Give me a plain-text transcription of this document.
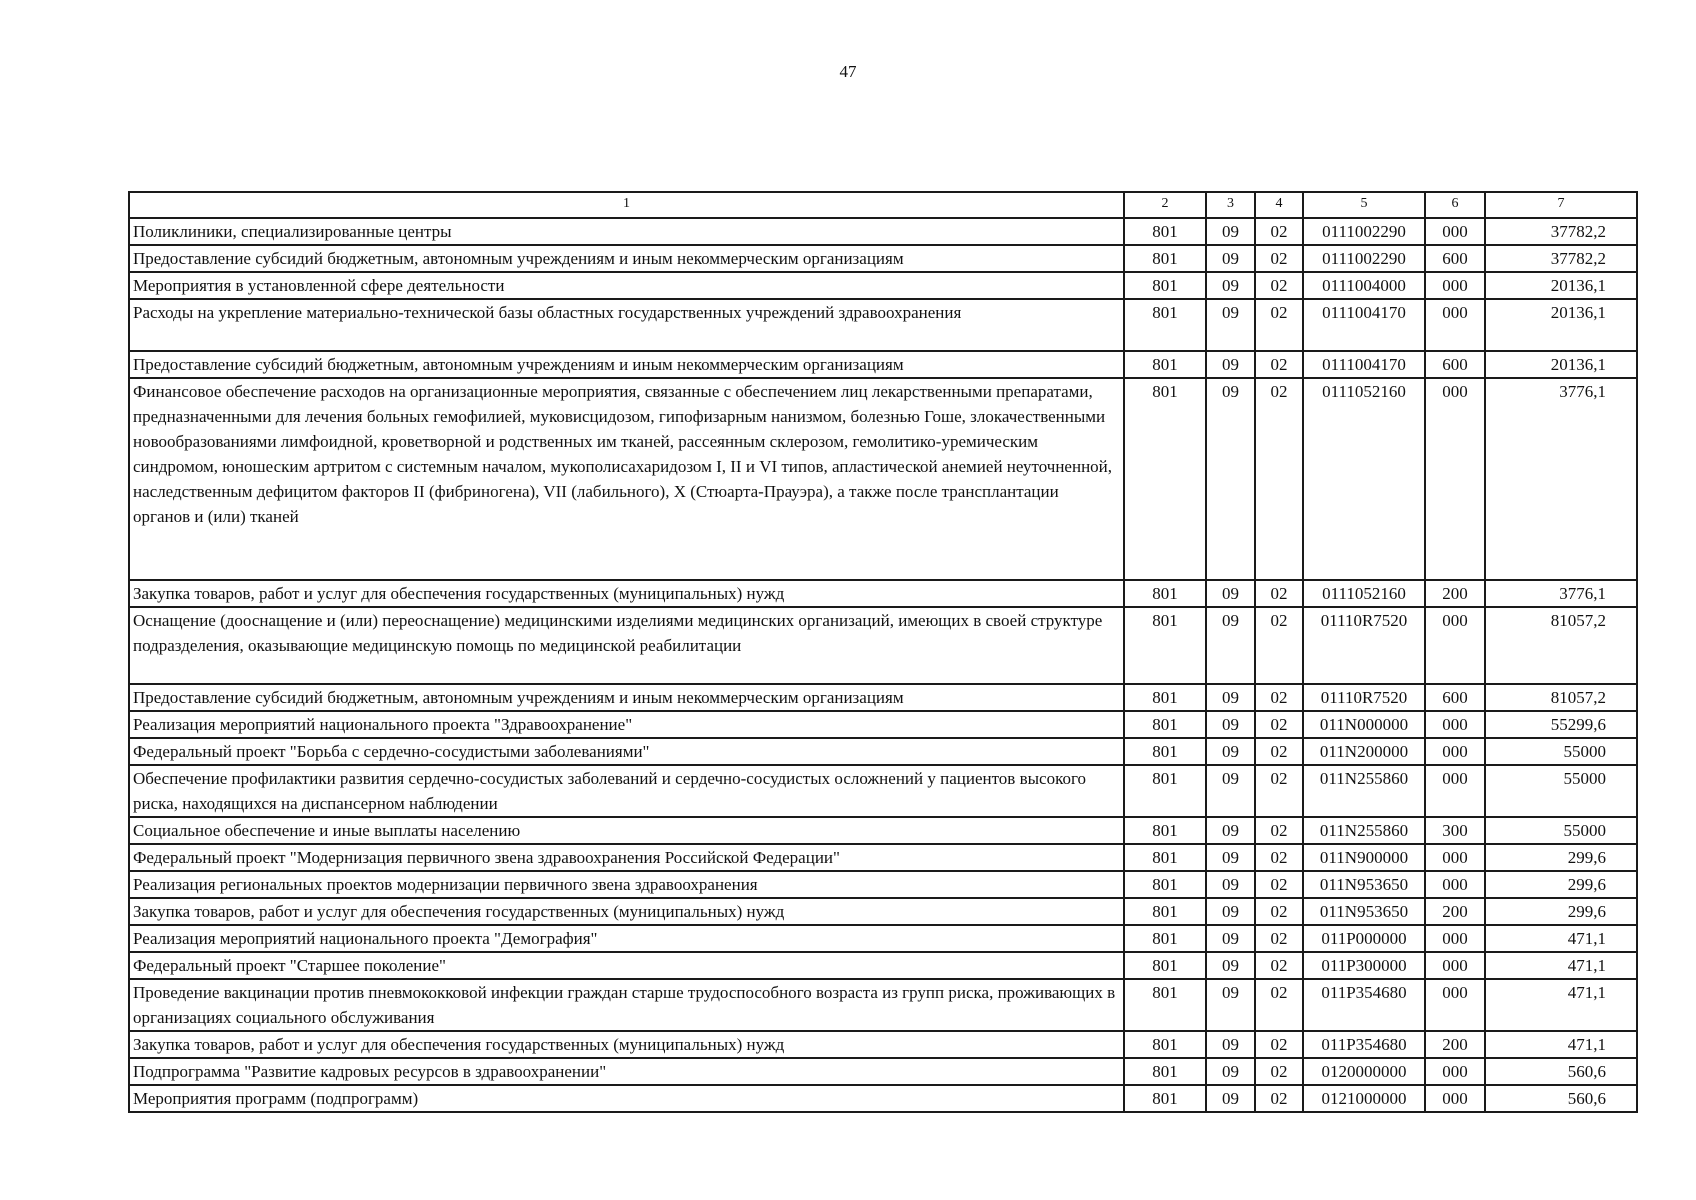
47
1	2	3	4	5	6	7
Поликлиники, специализированные центры	801	09	02	0111002290	000	37782,2
Предоставление субсидий бюджетным, автономным учреждениям и иным некоммерческим организациям	801	09	02	0111002290	600	37782,2
Мероприятия в установленной сфере деятельности	801	09	02	0111004000	000	20136,1
Расходы на укрепление материально-технической базы областных государственных учреждений здравоохранения	801	09	02	0111004170	000	20136,1
Предоставление субсидий бюджетным, автономным учреждениям и иным некоммерческим организациям	801	09	02	0111004170	600	20136,1
Финансовое обеспечение расходов на организационные мероприятия, связанные с обеспечением лиц лекарственными препаратами, предназначенными для лечения больных гемофилией, муковисцидозом, гипофизарным нанизмом, болезнью Гоше, злокачественными новообразованиями лимфоидной, кроветворной и родственных им тканей, рассеянным склерозом, гемолитико-уремическим синдромом, юношеским артритом с системным началом, мукополисахаридозом I, II и VI типов, апластической анемией неуточненной, наследственным дефицитом факторов II (фибриногена), VII (лабильного), X (Стюарта-Прауэра), а также после трансплантации органов и (или) тканей	801	09	02	0111052160	000	3776,1
Закупка товаров, работ и услуг для обеспечения государственных (муниципальных) нужд	801	09	02	0111052160	200	3776,1
Оснащение (дооснащение и (или) переоснащение) медицинскими изделиями медицинских организаций, имеющих в своей структуре подразделения, оказывающие медицинскую помощь по медицинской реабилитации	801	09	02	01110R7520	000	81057,2
Предоставление субсидий бюджетным, автономным учреждениям и иным некоммерческим организациям	801	09	02	01110R7520	600	81057,2
Реализация мероприятий национального проекта "Здравоохранение"	801	09	02	011N000000	000	55299,6
Федеральный проект "Борьба с сердечно-сосудистыми заболеваниями"	801	09	02	011N200000	000	55000
Обеспечение профилактики развития сердечно-сосудистых заболеваний и сердечно-сосудистых осложнений у пациентов высокого риска, находящихся на диспансерном наблюдении	801	09	02	011N255860	000	55000
Социальное обеспечение и иные выплаты населению	801	09	02	011N255860	300	55000
Федеральный проект "Модернизация первичного звена здравоохранения Российской Федерации"	801	09	02	011N900000	000	299,6
Реализация региональных проектов модернизации первичного звена здравоохранения	801	09	02	011N953650	000	299,6
Закупка товаров, работ и услуг для обеспечения государственных (муниципальных) нужд	801	09	02	011N953650	200	299,6
Реализация мероприятий национального проекта "Демография"	801	09	02	011P000000	000	471,1
Федеральный проект "Старшее поколение"	801	09	02	011P300000	000	471,1
Проведение вакцинации против пневмококковой инфекции граждан старше трудоспособного возраста из групп риска, проживающих в организациях социального обслуживания	801	09	02	011P354680	000	471,1
Закупка товаров, работ и услуг для обеспечения государственных (муниципальных) нужд	801	09	02	011P354680	200	471,1
Подпрограмма "Развитие кадровых ресурсов в здравоохранении"	801	09	02	0120000000	000	560,6
Мероприятия программ (подпрограмм)	801	09	02	0121000000	000	560,6
